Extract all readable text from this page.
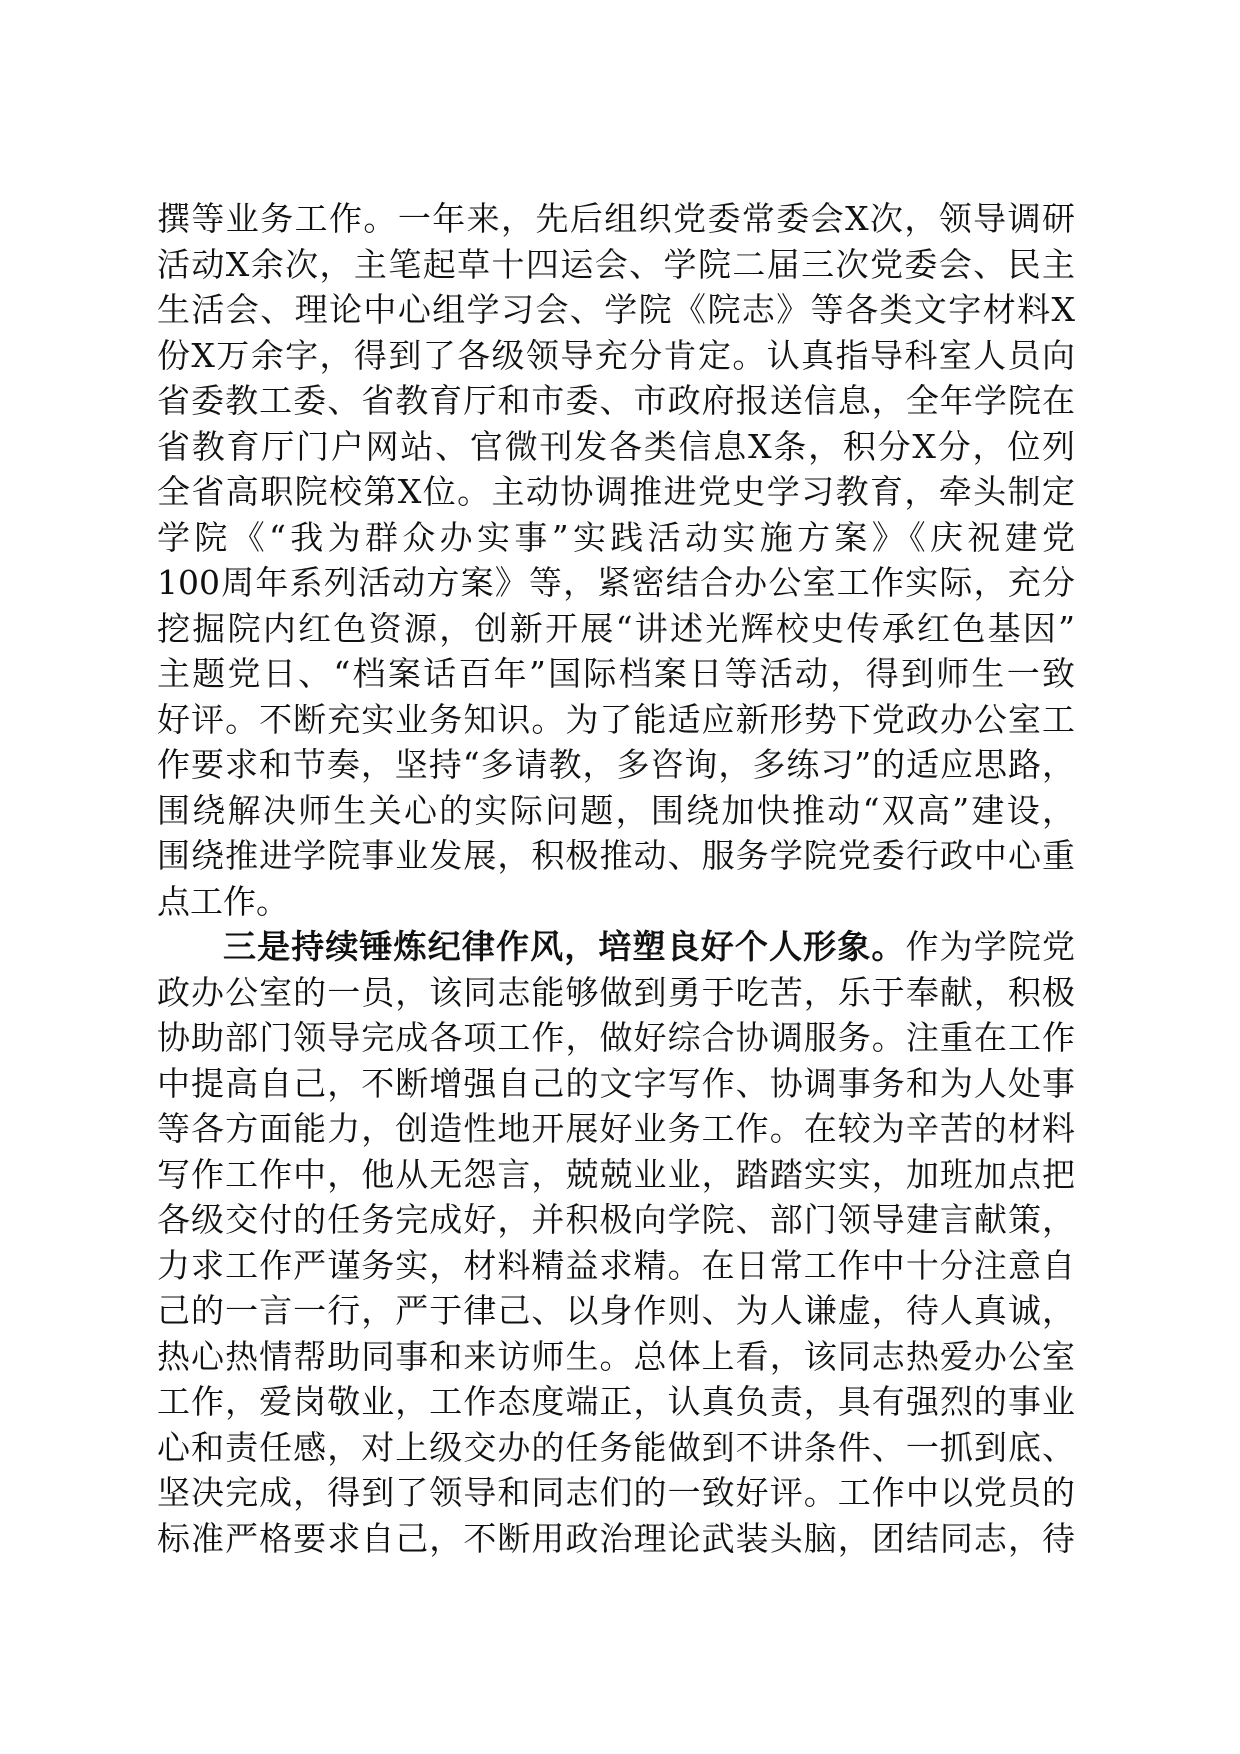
撰等业务工作。一年来，先后组织党委常委会X次，领导调研
活动X余次，主笔起草十四运会、学院二届三次党委会、民主
生活会、理论中心组学习会、学院《院志》等各类文字材料X
份X万余字，得到了各级领导充分肯定。认真指导科室人员向
省委教工委、省教育厅和市委、市政府报送信息，全年学院在
省教育厅门户网站、官微刊发各类信息X条，积分X分，位列
全省高职院校第X位。主动协调推进党史学习教育，牵头制定
学院《“我为群众办实事”实践活动实施方案》《庆祝建党
100周年系列活动方案》等，紧密结合办公室工作实际，充分
挖掘院内红色资源，创新开展“讲述光辉校史传承红色基因”
主题党日、“档案话百年”国际档案日等活动，得到师生一致
好评。不断充实业务知识。为了能适应新形势下党政办公室工
作要求和节奏，坚持“多请教，多咨询，多练习”的适应思路，
围绕解决师生关心的实际问题，围绕加快推动“双高”建设，
围绕推进学院事业发展，积极推动、服务学院党委行政中心重
点工作。
三是持续锤炼纪律作风，培塑良好个人形象。作为学院党
政办公室的一员，该同志能够做到勇于吃苦，乐于奉献，积极
协助部门领导完成各项工作，做好综合协调服务。注重在工作
中提高自己，不断增强自己的文字写作、协调事务和为人处事
等各方面能力，创造性地开展好业务工作。在较为辛苦的材料
写作工作中，他从无怨言，兢兢业业，踏踏实实，加班加点把
各级交付的任务完成好，并积极向学院、部门领导建言献策，
力求工作严谨务实，材料精益求精。在日常工作中十分注意自
己的一言一行，严于律己、以身作则、为人谦虚，待人真诚，
热心热情帮助同事和来访师生。总体上看，该同志热爱办公室
工作，爱岗敬业，工作态度端正，认真负责，具有强烈的事业
心和责任感，对上级交办的任务能做到不讲条件、一抓到底、
坚决完成，得到了领导和同志们的一致好评。工作中以党员的
标准严格要求自己，不断用政治理论武装头脑，团结同志，待
